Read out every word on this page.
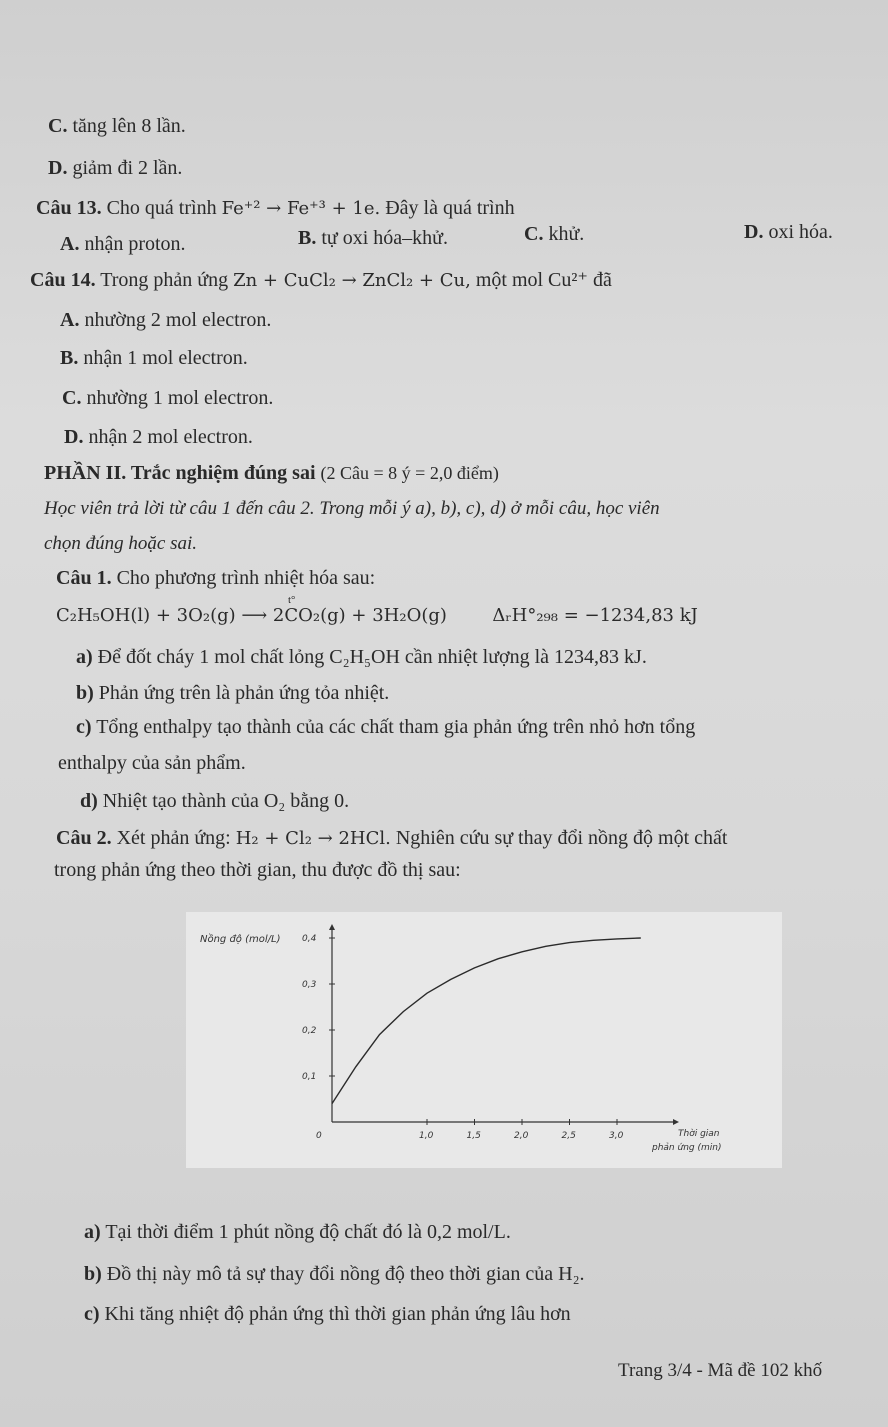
C. tăng lên 8 lần.
D. giảm đi 2 lần.
Câu 13. Cho quá trình Fe⁺² → Fe⁺³ + 1e. Đây là quá trình
A. nhận proton.	B. tự oxi hóa–khử.	C. khử.	D. oxi hóa.
Câu 14. Trong phản ứng Zn + CuCl₂ → ZnCl₂ + Cu, một mol Cu²⁺ đã
A. nhường 2 mol electron.
B. nhận 1 mol electron.
C. nhường 1 mol electron.
D. nhận 2 mol electron.
PHẦN II. Trắc nghiệm đúng sai (2 Câu = 8 ý = 2,0 điểm)
Học viên trả lời từ câu 1 đến câu 2. Trong mỗi ý a), b), c), d) ở mỗi câu, học viên
chọn đúng hoặc sai.
Câu 1. Cho phương trình nhiệt hóa sau:
C₂H₅OH(l) + 3O₂(g) ⟶ 2CO₂(g) + 3H₂O(g)	ΔᵣH°₂₉₈ = −1234,83 kJ
t°
a) Để đốt cháy 1 mol chất lỏng C₂H₅OH cần nhiệt lượng là 1234,83 kJ.
b) Phản ứng trên là phản ứng tỏa nhiệt.
c) Tổng enthalpy tạo thành của các chất tham gia phản ứng trên nhỏ hơn tổng
enthalpy của sản phẩm.
d) Nhiệt tạo thành của O₂ bằng 0.
Câu 2. Xét phản ứng: H₂ + Cl₂ → 2HCl. Nghiên cứu sự thay đổi nồng độ một chất
trong phản ứng theo thời gian, thu được đồ thị sau:
0,1
0,2
0,3
0,4
1,0	1,5	2,0	2,5	3,0
0
Nồng độ (mol/L)
Thời gian
phản ứng (min)
a) Tại thời điểm 1 phút nồng độ chất đó là 0,2 mol/L.
b) Đồ thị này mô tả sự thay đổi nồng độ theo thời gian của H₂.
c) Khi tăng nhiệt độ phản ứng thì thời gian phản ứng lâu hơn
Trang 3/4 - Mã đề 102 khố
